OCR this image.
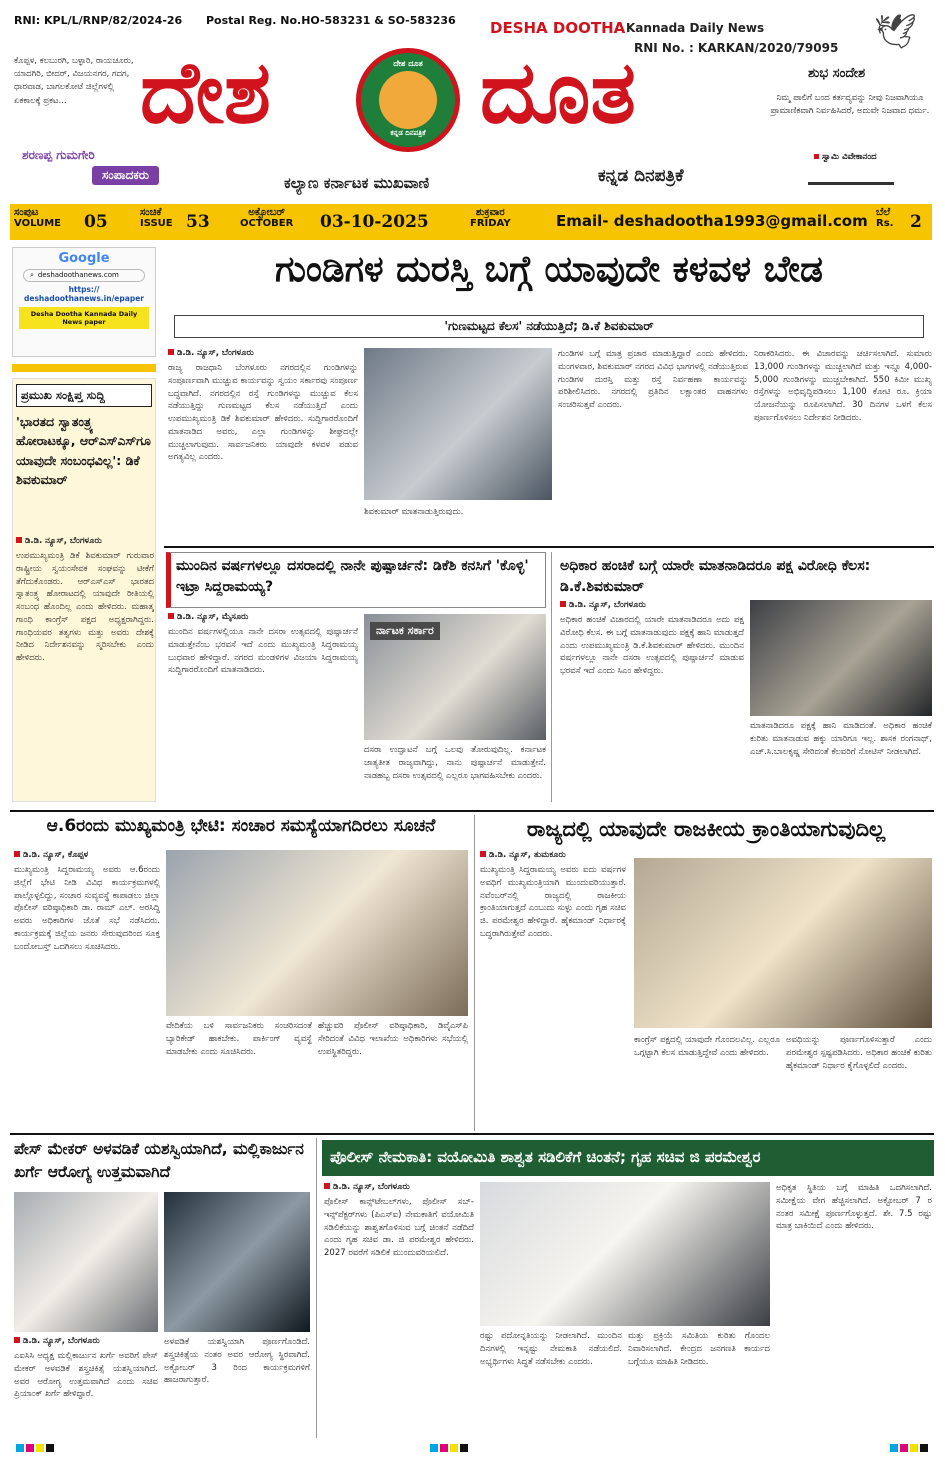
RNI: KPL/L/RNP/82/2024-26 Postal Reg. No.HO-583231 & SO-583236 DESHA DOOTHA Kannada Daily News
RNI No. : KARKAN/2020/79095
ಕೊಪ್ಪಳ, ಕಲಬುರಗಿ, ಬಳ್ಳಾರಿ, ರಾಯಚೂರು, ಯಾದಗಿರಿ, ಬೀದರ್, ವಿಜಯನಗರ, ಗದಗ, ಧಾರವಾಡ, ಬಾಗಲಕೋಟೆ ಜಿಲ್ಲೆಗಳಲ್ಲಿ ಏಕಕಾಲಕ್ಕೆ ಪ್ರಕಟ... ದೇಶ	ದೇಶ ದೂತ
ಕನ್ನಡ ದಿನಪತ್ರಿಕೆ ದೂತ
ಶರಣಪ್ಪ ಗುಮಗೇರಿ
ಸಂಪಾದಕರು	ಕಲ್ಯಾಣ ಕರ್ನಾಟಕ ಮುಖವಾಣಿ	ಕನ್ನಡ ದಿನಪತ್ರಿಕೆ
🕊
ಶುಭ ಸಂದೇಶ
ನಿಮ್ಮ ಪಾಲಿಗೆ ಬಂದ ಕರ್ತವ್ಯವನ್ನು ನೀವು ನಿಜವಾಗಿಯೂ ಪ್ರಾಮಾಣಿಕವಾಗಿ ನಿರ್ವಹಿಸಿದರೆ, ಅದುವೇ ನಿಜವಾದ ಧರ್ಮ.
ಸ್ವಾಮಿ ವಿವೇಕಾನಂದ
ಸಂಪುಟ
VOLUME 05	ಸಂಚಿಕೆ
ISSUE 53	ಅಕ್ಟೋಬರ್
OCTOBER 03-10-2025	ಶುಕ್ರವಾರ
FRIDAY	Email- deshadootha1993@gmail.com ಬೆಲೆ
Rs. 2
Google
⌕ deshadoothanews.com
https:// deshadoothanews.in/epaper
Desha Dootha Kannada Daily News paper
ಪ್ರಮುಖ ಸಂಕ್ಷಿಪ್ತ ಸುದ್ದಿ
'ಭಾರತದ ಸ್ವಾತಂತ್ರ್ಯ ಹೋರಾಟಕ್ಕೂ, ಆರ್‌ಎಸ್‌ಎಸ್‌ಗೂ ಯಾವುದೇ ಸಂಬಂಧವಿಲ್ಲ': ಡಿಕೆ ಶಿವಕುಮಾರ್
ಡಿ.ಡಿ. ನ್ಯೂಸ್, ಬೆಂಗಳೂರು
ಉಪಮುಖ್ಯಮಂತ್ರಿ ಡಿಕೆ ಶಿವಕುಮಾರ್ ಗುರುವಾರ ರಾಷ್ಟ್ರೀಯ ಸ್ವಯಂಸೇವಕ ಸಂಘವನ್ನು ಟೀಕೆಗೆ ತೆಗೆದುಕೊಂಡರು. ಆರ್‌ಎಸ್‌ಎಸ್ ಭಾರತದ ಸ್ವಾತಂತ್ರ್ಯ ಹೋರಾಟದಲ್ಲಿ ಯಾವುದೇ ರೀತಿಯಲ್ಲಿ ಸಂಬಂಧ ಹೊಂದಿಲ್ಲ ಎಂದು ಹೇಳಿದರು. ಮಹಾತ್ಮ ಗಾಂಧಿ ಕಾಂಗ್ರೆಸ್ ಪಕ್ಷದ ಅಧ್ಯಕ್ಷರಾಗಿದ್ದರು. ಗಾಂಧಿಯವರ ತತ್ವಗಳು ಮತ್ತು ಅವರು ದೇಶಕ್ಕೆ ನೀಡಿದ ನಿರ್ದೇಶನವನ್ನು ಸ್ಮರಿಸಬೇಕು ಎಂದು ಹೇಳಿದರು.
ಗುಂಡಿಗಳ ದುರಸ್ತಿ ಬಗ್ಗೆ ಯಾವುದೇ ಕಳವಳ ಬೇಡ
'ಗುಣಮಟ್ಟದ ಕೆಲಸ' ನಡೆಯುತ್ತಿದೆ; ಡಿ.ಕೆ ಶಿವಕುಮಾರ್
ಡಿ.ಡಿ. ನ್ಯೂಸ್, ಬೆಂಗಳೂರು
ರಾಜ್ಯ ರಾಜಧಾನಿ ಬೆಂಗಳೂರು ನಗರದಲ್ಲಿನ ಗುಂಡಿಗಳನ್ನು ಸಂಪೂರ್ಣವಾಗಿ ಮುಚ್ಚುವ ಕಾರ್ಯವನ್ನು ಸ್ವಯಂ ಸರ್ಕಾರವು ಸಂಪೂರ್ಣ ಬದ್ಧವಾಗಿದೆ. ನಗರದಲ್ಲಿನ ರಸ್ತೆ ಗುಂಡಿಗಳನ್ನು ಮುಚ್ಚುವ ಕೆಲಸ ನಡೆಯುತ್ತಿದ್ದು ಗುಣಮಟ್ಟದ ಕೆಲಸ ನಡೆಯುತ್ತಿದೆ ಎಂದು ಉಪಮುಖ್ಯಮಂತ್ರಿ ಡಿಕೆ ಶಿವಕುಮಾರ್ ಹೇಳಿದರು. ಸುದ್ದಿಗಾರರೊಂದಿಗೆ ಮಾತನಾಡಿದ ಅವರು, ಎಲ್ಲಾ ಗುಂಡಿಗಳನ್ನು ಶೀಘ್ರದಲ್ಲೇ ಮುಚ್ಚಲಾಗುವುದು. ಸಾರ್ವಜನಿಕರು ಯಾವುದೇ ಕಳವಳ ಪಡುವ ಅಗತ್ಯವಿಲ್ಲ ಎಂದರು.
ಶಿವಕುಮಾರ್ ಮಾತನಾಡುತ್ತಿರುವುದು.
ಗುಂಡಿಗಳ ಬಗ್ಗೆ ಮಾತ್ರ ಪ್ರಚಾರ ಮಾಡುತ್ತಿದ್ದಾರೆ ಎಂದು ಹೇಳಿದರು. ಮಂಗಳವಾರ, ಶಿವಕುಮಾರ್ ನಗರದ ವಿವಿಧ ಭಾಗಗಳಲ್ಲಿ ನಡೆಯುತ್ತಿರುವ ಗುಂಡಿಗಳ ದುರಸ್ತಿ ಮತ್ತು ರಸ್ತೆ ನಿರ್ವಹಣಾ ಕಾರ್ಯವನ್ನು ಪರಿಶೀಲಿಸಿದರು. ನಗರದಲ್ಲಿ ಪ್ರತಿದಿನ ಲಕ್ಷಾಂತರ ವಾಹನಗಳು ಸಂಚರಿಸುತ್ತವೆ ಎಂದರು.
ನಿರಾಕರಿಸಿದರು. ಈ ವಿಚಾರವನ್ನು ಚರ್ಚಿಸಲಾಗಿದೆ. ಸುಮಾರು 13,000 ಗುಂಡಿಗಳನ್ನು ಮುಚ್ಚಲಾಗಿದೆ ಮತ್ತು ಇನ್ನೂ 4,000-5,000 ಗುಂಡಿಗಳನ್ನು ಮುಚ್ಚಬೇಕಾಗಿದೆ. 550 ಕಿಮೀ ಮುಖ್ಯ ರಸ್ತೆಗಳನ್ನು ಅಭಿವೃದ್ಧಿಪಡಿಸಲು 1,100 ಕೋಟಿ ರೂ. ಕ್ರಿಯಾ ಯೋಜನೆಯನ್ನು ರೂಪಿಸಲಾಗಿದೆ. 30 ದಿನಗಳ ಒಳಗೆ ಕೆಲಸ ಪೂರ್ಣಗೊಳಿಸಲು ನಿರ್ದೇಶನ ನೀಡಿದರು.
ಮುಂದಿನ ವರ್ಷಗಳಲ್ಲೂ ದಸರಾದಲ್ಲಿ ನಾನೇ ಪುಷ್ಪಾರ್ಚನೆ: ಡಿಕೆಶಿ ಕನಸಿಗೆ 'ಕೊಳ್ಳಿ' ಇಟ್ರಾ ಸಿದ್ದರಾಮಯ್ಯ?
ಡಿ.ಡಿ. ನ್ಯೂಸ್, ಮೈಸೂರು
ಮುಂದಿನ ವರ್ಷಗಳಲ್ಲಿಯೂ ನಾನೇ ದಸರಾ ಉತ್ಸವದಲ್ಲಿ ಪುಷ್ಪಾರ್ಚನೆ ಮಾಡುತ್ತೇನೆಂಬ ಭರವಸೆ ಇದೆ ಎಂದು ಮುಖ್ಯಮಂತ್ರಿ ಸಿದ್ದರಾಮಯ್ಯ ಬುಧವಾರ ಹೇಳಿದ್ದಾರೆ. ನಗರದ ಮಂಡಳಿಗಳ ವಿಜಯಾ ಸಿದ್ದರಾಮಯ್ಯ ಸುದ್ದಿಗಾರರೊಂದಿಗೆ ಮಾತನಾಡಿದರು.
ರ್ನಾಟಕ ಸರ್ಕಾರ
ದಸರಾ ಉದ್ಘಾಟನೆ ಬಗ್ಗೆ ಒಲವು ತೋರುವುದಿಲ್ಲ. ಕರ್ನಾಟಕ ಜಾತ್ಯತೀತ ರಾಜ್ಯವಾಗಿದ್ದು, ನಾನು ಪುಷ್ಪಾರ್ಚನೆ ಮಾಡುತ್ತೇನೆ. ನಾಡಹಬ್ಬ ದಸರಾ ಉತ್ಸವದಲ್ಲಿ ಎಲ್ಲರೂ ಭಾಗವಹಿಸಬೇಕು ಎಂದರು.
ಅಧಿಕಾರ ಹಂಚಿಕೆ ಬಗ್ಗೆ ಯಾರೇ ಮಾತನಾಡಿದರೂ ಪಕ್ಷ ವಿರೋಧಿ ಕೆಲಸ: ಡಿ.ಕೆ.ಶಿವಕುಮಾರ್
ಡಿ.ಡಿ. ನ್ಯೂಸ್, ಬೆಂಗಳೂರು
ಅಧಿಕಾರ ಹಂಚಿಕೆ ವಿಚಾರದಲ್ಲಿ ಯಾರೇ ಮಾತನಾಡಿದರೂ ಅದು ಪಕ್ಷ ವಿರೋಧಿ ಕೆಲಸ. ಈ ಬಗ್ಗೆ ಮಾತನಾಡುವುದು ಪಕ್ಷಕ್ಕೆ ಹಾನಿ ಮಾಡುತ್ತದೆ ಎಂದು ಉಪಮುಖ್ಯಮಂತ್ರಿ ಡಿ.ಕೆ.ಶಿವಕುಮಾರ್ ಹೇಳಿದರು. ಮುಂದಿನ ವರ್ಷಗಳಲ್ಲೂ ನಾನೇ ದಸರಾ ಉತ್ಸವದಲ್ಲಿ ಪುಷ್ಪಾರ್ಚನೆ ಮಾಡುವ ಭರವಸೆ ಇದೆ ಎಂದು ಸಿಎಂ ಹೇಳಿದ್ದರು.
ಮಾತನಾಡಿದರೂ ಪಕ್ಷಕ್ಕೆ ಹಾನಿ ಮಾಡಿದಂತೆ. ಅಧಿಕಾರ ಹಂಚಿಕೆ ಕುರಿತು ಮಾತನಾಡುವ ಹಕ್ಕು ಯಾರಿಗೂ ಇಲ್ಲ. ಶಾಸಕ ರಂಗನಾಥ್, ಎಚ್.ಸಿ.ಬಾಲಕೃಷ್ಣ ಸೇರಿದಂತೆ ಕೆಲವರಿಗೆ ನೋಟಿಸ್ ನೀಡಲಾಗಿದೆ.
ಆ.6ರಂದು ಮುಖ್ಯಮಂತ್ರಿ ಭೇಟಿ: ಸಂಚಾರ ಸಮಸ್ಯೆಯಾಗದಿರಲು ಸೂಚನೆ
ಡಿ.ಡಿ. ನ್ಯೂಸ್, ಕೊಪ್ಪಳ
ಮುಖ್ಯಮಂತ್ರಿ ಸಿದ್ದರಾಮಯ್ಯ ಅವರು ಆ.6ರಂದು ಜಿಲ್ಲೆಗೆ ಭೇಟಿ ನೀಡಿ ವಿವಿಧ ಕಾರ್ಯಕ್ರಮಗಳಲ್ಲಿ ಪಾಲ್ಗೊಳ್ಳಲಿದ್ದು, ಸಂಚಾರ ಸುವ್ಯವಸ್ಥೆ ಕಾಪಾಡಲು ಜಿಲ್ಲಾ ಪೊಲೀಸ್ ವರಿಷ್ಠಾಧಿಕಾರಿ ಡಾ. ರಾಮ್ ಎಲ್. ಅರಸಿದ್ಧಿ ಅವರು ಅಧಿಕಾರಿಗಳ ಜೊತೆ ಸಭೆ ನಡೆಸಿದರು. ಕಾರ್ಯಕ್ರಮಕ್ಕೆ ಜಿಲ್ಲೆಯ ಜನರು ಸೇರುವುದರಿಂದ ಸೂಕ್ತ ಬಂದೋಬಸ್ತ್ ಒದಗಿಸಲು ಸೂಚಿಸಿದರು.
ವೇದಿಕೆಯ ಬಳಿ ಸಾರ್ವಜನಿಕರು ಸಂಚರಿಸದಂತೆ ಬ್ಯಾರಿಕೇಡ್ ಹಾಕಬೇಕು. ಪಾರ್ಕಿಂಗ್ ವ್ಯವಸ್ಥೆ ಮಾಡಬೇಕು ಎಂದು ಸೂಚಿಸಿದರು.
ಹೆಚ್ಚುವರಿ ಪೊಲೀಸ್ ವರಿಷ್ಠಾಧಿಕಾರಿ, ಡಿವೈಎಸ್‌ಪಿ ಸೇರಿದಂತೆ ವಿವಿಧ ಇಲಾಖೆಯ ಅಧಿಕಾರಿಗಳು ಸಭೆಯಲ್ಲಿ ಉಪಸ್ಥಿತರಿದ್ದರು.
ರಾಜ್ಯದಲ್ಲಿ ಯಾವುದೇ ರಾಜಕೀಯ ಕ್ರಾಂತಿಯಾಗುವುದಿಲ್ಲ
ಡಿ.ಡಿ. ನ್ಯೂಸ್, ತುಮಕೂರು
ಮುಖ್ಯಮಂತ್ರಿ ಸಿದ್ದರಾಮಯ್ಯ ಅವರು ಐದು ವರ್ಷಗಳ ಅವಧಿಗೆ ಮುಖ್ಯಮಂತ್ರಿಯಾಗಿ ಮುಂದುವರಿಯುತ್ತಾರೆ. ನವೆಂಬರ್‌ನಲ್ಲಿ ರಾಜ್ಯದಲ್ಲಿ ರಾಜಕೀಯ ಕ್ರಾಂತಿಯಾಗುತ್ತದೆ ಎಂಬುದು ಸುಳ್ಳು ಎಂದು ಗೃಹ ಸಚಿವ ಜಿ. ಪರಮೇಶ್ವರ ಹೇಳಿದ್ದಾರೆ. ಹೈಕಮಾಂಡ್ ನಿರ್ಧಾರಕ್ಕೆ ಬದ್ಧರಾಗಿರುತ್ತೇವೆ ಎಂದರು.
ಕಾಂಗ್ರೆಸ್ ಪಕ್ಷದಲ್ಲಿ ಯಾವುದೇ ಗೊಂದಲವಿಲ್ಲ. ಎಲ್ಲರೂ ಒಗ್ಗಟ್ಟಾಗಿ ಕೆಲಸ ಮಾಡುತ್ತಿದ್ದೇವೆ ಎಂದು ಹೇಳಿದರು.
ಅವಧಿಯನ್ನು ಪೂರ್ಣಗೊಳಿಸುತ್ತಾರೆ ಎಂದು ಪರಮೇಶ್ವರ ಸ್ಪಷ್ಟಪಡಿಸಿದರು. ಅಧಿಕಾರ ಹಂಚಿಕೆ ಕುರಿತು ಹೈಕಮಾಂಡ್ ನಿರ್ಧಾರ ಕೈಗೊಳ್ಳಲಿದೆ ಎಂದರು.
ಪೇಸ್ ಮೇಕರ್ ಅಳವಡಿಕೆ ಯಶಸ್ವಿಯಾಗಿದೆ, ಮಲ್ಲಿಕಾರ್ಜುನ ಖರ್ಗೆ ಆರೋಗ್ಯ ಉತ್ತಮವಾಗಿದೆ
ಡಿ.ಡಿ. ನ್ಯೂಸ್, ಬೆಂಗಳೂರು
ಎಐಸಿಸಿ ಅಧ್ಯಕ್ಷ ಮಲ್ಲಿಕಾರ್ಜುನ ಖರ್ಗೆ ಅವರಿಗೆ ಪೇಸ್ ಮೇಕರ್ ಅಳವಡಿಕೆ ಶಸ್ತ್ರಚಿಕಿತ್ಸೆ ಯಶಸ್ವಿಯಾಗಿದೆ. ಅವರ ಆರೋಗ್ಯ ಉತ್ತಮವಾಗಿದೆ ಎಂದು ಸಚಿವ ಪ್ರಿಯಾಂಕ್ ಖರ್ಗೆ ಹೇಳಿದ್ದಾರೆ.
ಅಳವಡಿಕೆ ಯಶಸ್ವಿಯಾಗಿ ಪೂರ್ಣಗೊಂಡಿದೆ. ಶಸ್ತ್ರಚಿಕಿತ್ಸೆಯ ನಂತರ ಅವರ ಆರೋಗ್ಯ ಸ್ಥಿರವಾಗಿದೆ. ಅಕ್ಟೋಬರ್ 3 ರಿಂದ ಕಾರ್ಯಕ್ರಮಗಳಿಗೆ ಹಾಜರಾಗುತ್ತಾರೆ.
ಪೊಲೀಸ್ ನೇಮಕಾತಿ: ವಯೋಮಿತಿ ಶಾಶ್ವತ ಸಡಿಲಿಕೆಗೆ ಚಿಂತನೆ; ಗೃಹ ಸಚಿವ ಜಿ ಪರಮೇಶ್ವರ
ಡಿ.ಡಿ. ನ್ಯೂಸ್, ಬೆಂಗಳೂರು
ಪೊಲೀಸ್ ಕಾನ್ಸ್‌ಟೇಬಲ್‌ಗಳು, ಪೊಲೀಸ್ ಸಬ್-ಇನ್ಸ್‌ಪೆಕ್ಟರ್‌ಗಳು (ಪಿಎಸ್‌ಐ) ನೇಮಕಾತಿಗೆ ವಯೋಮಿತಿ ಸಡಿಲಿಕೆಯನ್ನು ಶಾಶ್ವತಗೊಳಿಸುವ ಬಗ್ಗೆ ಚಿಂತನೆ ನಡೆದಿದೆ ಎಂದು ಗೃಹ ಸಚಿವ ಡಾ. ಜಿ ಪರಮೇಶ್ವರ ಹೇಳಿದರು. 2027 ರವರೆಗೆ ಸಡಿಲಿಕೆ ಮುಂದುವರಿಯಲಿದೆ.
ರಷ್ಟು ಪದೋನ್ನತಿಯನ್ನು ನೀಡಲಾಗಿದೆ. ಮುಂದಿನ ದಿನಗಳಲ್ಲಿ ಇನ್ನಷ್ಟು ನೇಮಕಾತಿ ನಡೆಯಲಿದೆ. ಅಭ್ಯರ್ಥಿಗಳು ಸಿದ್ಧತೆ ನಡೆಸಬೇಕು ಎಂದರು.
ಮತ್ತು ಪ್ರಕ್ರಿಯೆ ಸಮಿತಿಯ ಕುರಿತು ಗೊಂದಲ ನಿವಾರಿಸಲಾಗಿದೆ. ಕೇಂದ್ರದ ಜನಗಣತಿ ಕಾರ್ಯದ ಬಗ್ಗೆಯೂ ಮಾಹಿತಿ ನೀಡಿದರು.
ಅಧಿಕೃತ ಸ್ಥಿತಿಯ ಬಗ್ಗೆ ಮಾಹಿತಿ ಒದಗಿಸಲಾಗಿದೆ. ಸಮೀಕ್ಷೆಯ ವೇಗ ಹೆಚ್ಚಿಸಲಾಗಿದೆ. ಅಕ್ಟೋಬರ್ 7 ರ ನಂತರ ಸಮೀಕ್ಷೆ ಪೂರ್ಣಗೊಳ್ಳುತ್ತದೆ. ಶೇ. 7.5 ರಷ್ಟು ಮಾತ್ರ ಬಾಕಿಯಿದೆ ಎಂದು ಹೇಳಿದರು.
